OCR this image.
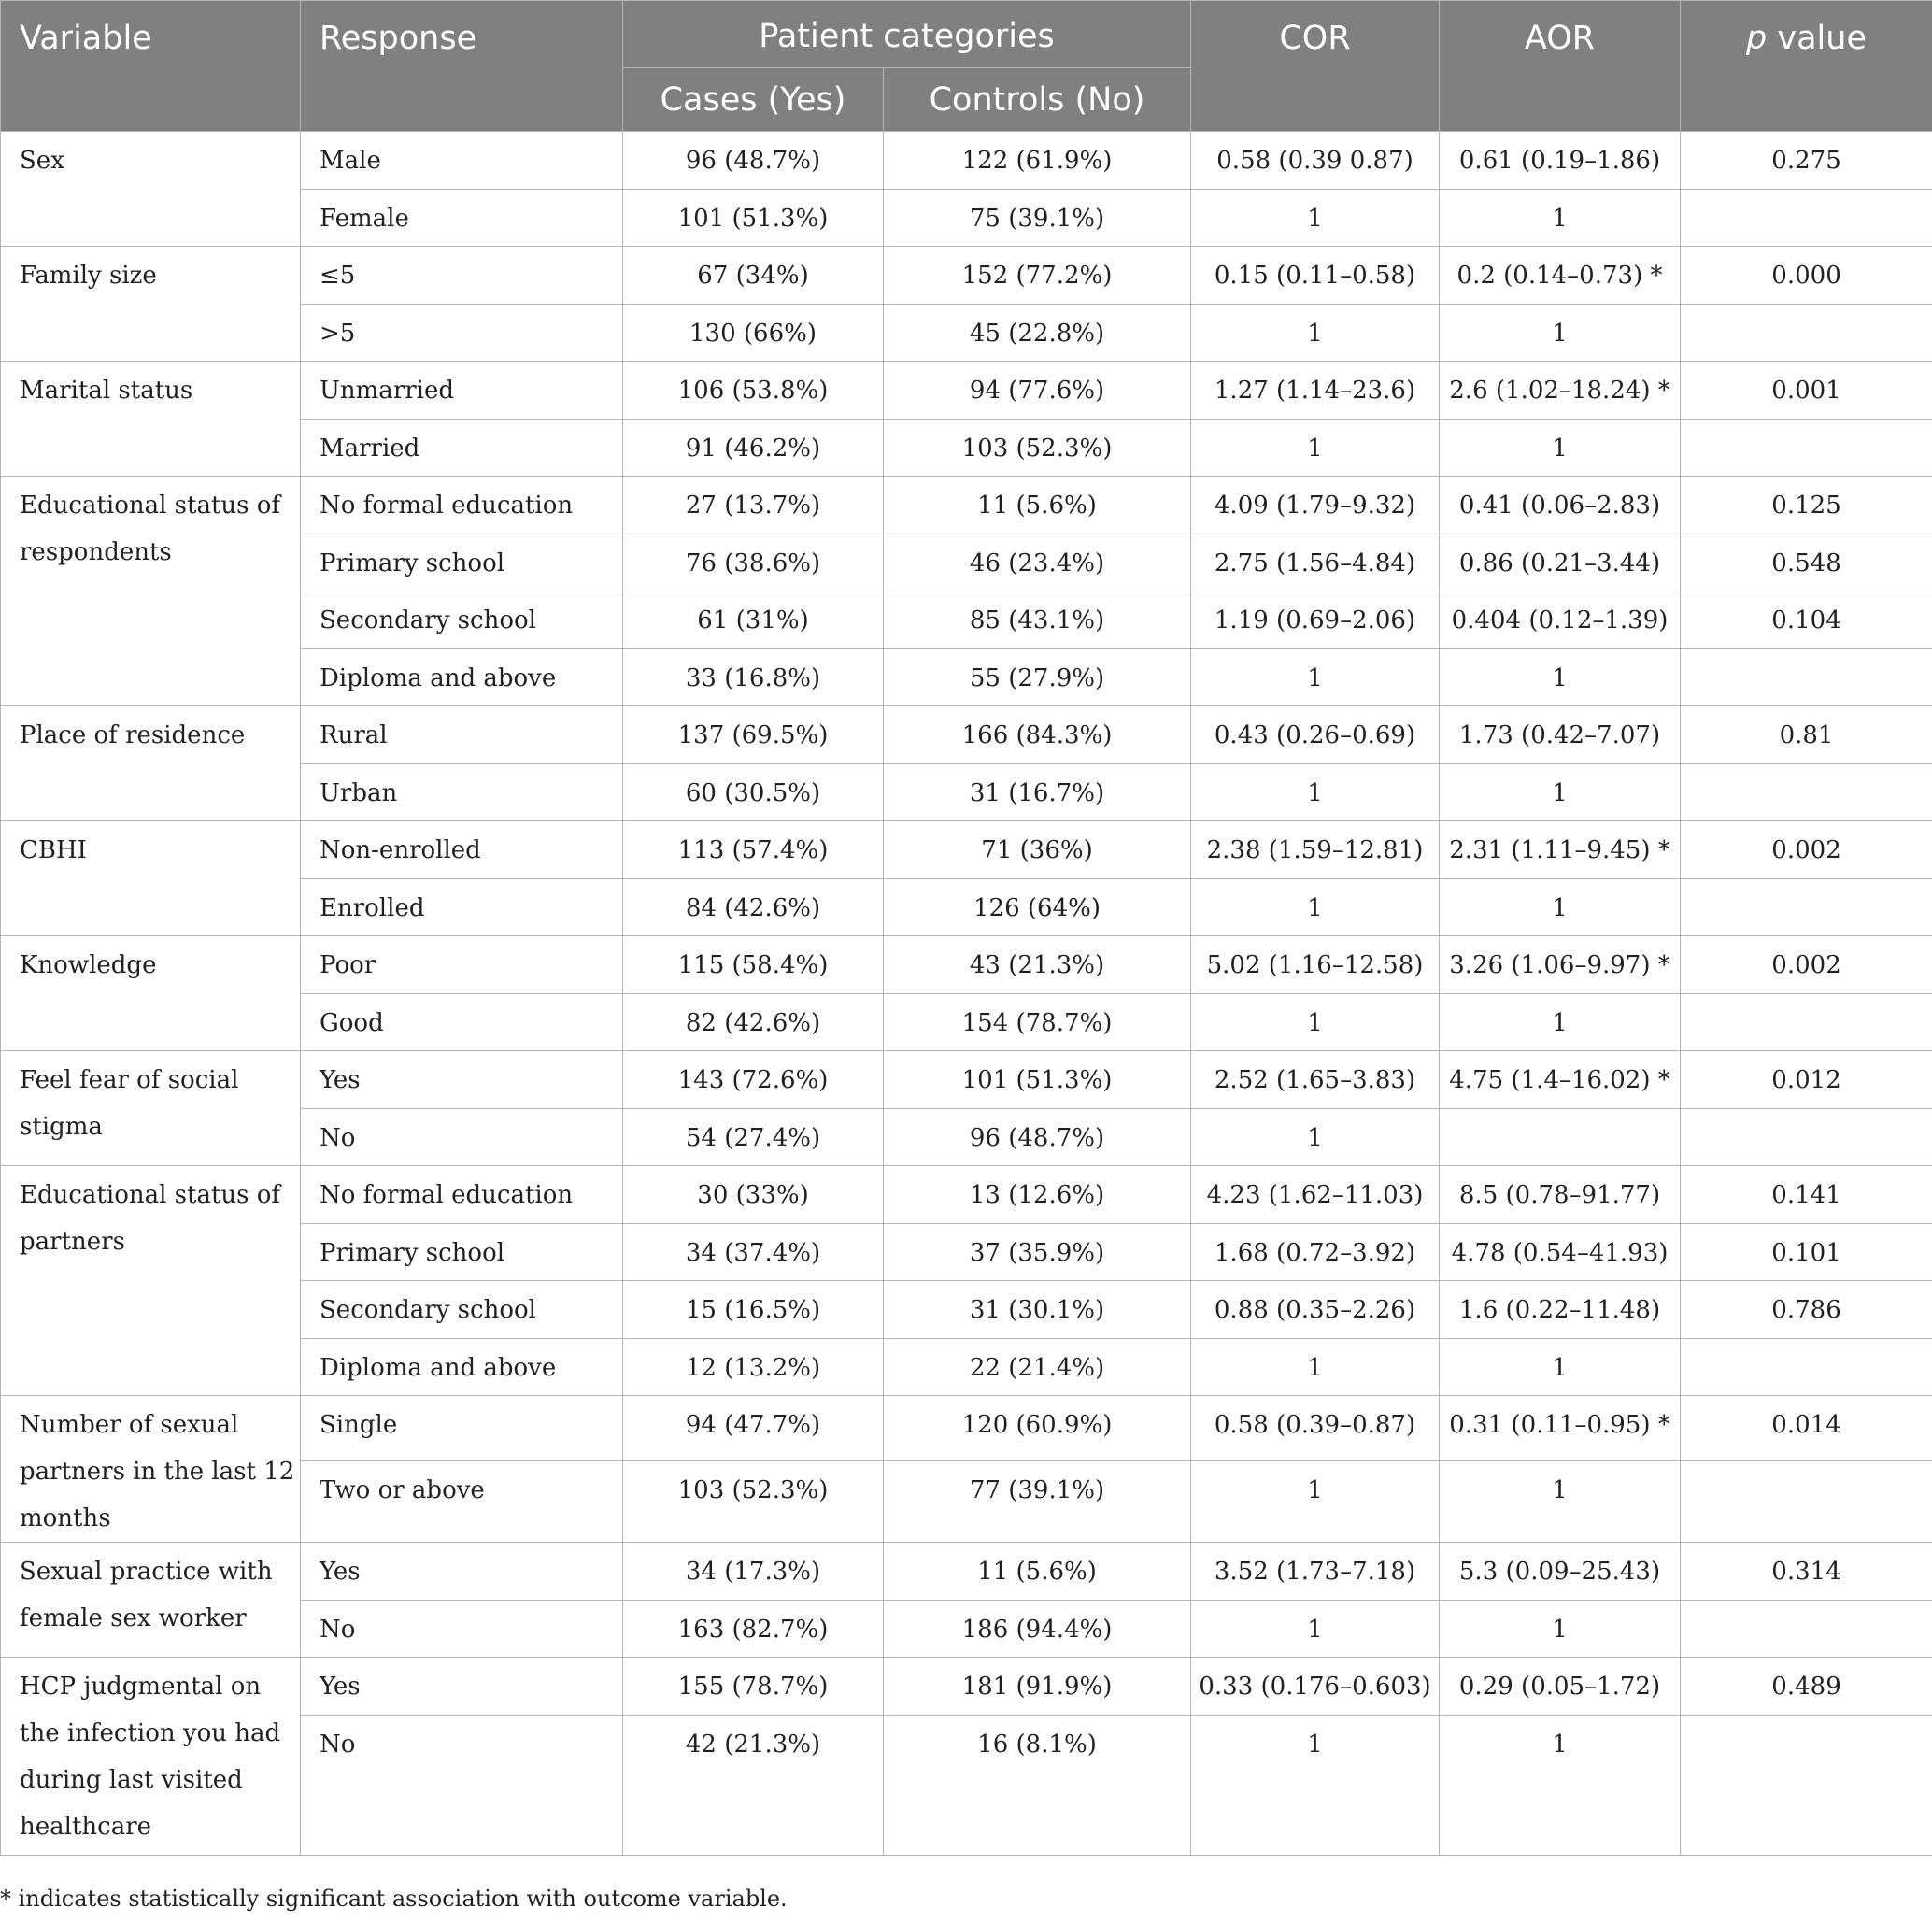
Variable	Response	Patient categories		COR	AOR	p value
		Cases (Yes)	Controls (No)			
Sex	Male	96 (48.7%)	122 (61.9%)	0.58 (0.39 0.87)	0.61 (0.19–1.86)	0.275
	Female	101 (51.3%)	75 (39.1%)	1	1	
Family size	≤5	67 (34%)	152 (77.2%)	0.15 (0.11–0.58)	0.2 (0.14–0.73) *	0.000
	>5	130 (66%)	45 (22.8%)	1	1	
Marital status	Unmarried	106 (53.8%)	94 (77.6%)	1.27 (1.14–23.6)	2.6 (1.02–18.24) *	0.001
	Married	91 (46.2%)	103 (52.3%)	1	1	
Educational status of respondents	No formal education	27 (13.7%)	11 (5.6%)	4.09 (1.79–9.32)	0.41 (0.06–2.83)	0.125
	Primary school	76 (38.6%)	46 (23.4%)	2.75 (1.56–4.84)	0.86 (0.21–3.44)	0.548
	Secondary school	61 (31%)	85 (43.1%)	1.19 (0.69–2.06)	0.404 (0.12–1.39)	0.104
	Diploma and above	33 (16.8%)	55 (27.9%)	1	1	
Place of residence	Rural	137 (69.5%)	166 (84.3%)	0.43 (0.26–0.69)	1.73 (0.42–7.07)	0.81
	Urban	60 (30.5%)	31 (16.7%)	1	1	
CBHI	Non-enrolled	113 (57.4%)	71 (36%)	2.38 (1.59–12.81)	2.31 (1.11–9.45) *	0.002
	Enrolled	84 (42.6%)	126 (64%)	1	1	
Knowledge	Poor	115 (58.4%)	43 (21.3%)	5.02 (1.16–12.58)	3.26 (1.06–9.97) *	0.002
	Good	82 (42.6%)	154 (78.7%)	1	1	
Feel fear of social stigma	Yes	143 (72.6%)	101 (51.3%)	2.52 (1.65–3.83)	4.75 (1.4–16.02) *	0.012
	No	54 (27.4%)	96 (48.7%)	1		
Educational status of partners	No formal education	30 (33%)	13 (12.6%)	4.23 (1.62–11.03)	8.5 (0.78–91.77)	0.141
	Primary school	34 (37.4%)	37 (35.9%)	1.68 (0.72–3.92)	4.78 (0.54–41.93)	0.101
	Secondary school	15 (16.5%)	31 (30.1%)	0.88 (0.35–2.26)	1.6 (0.22–11.48)	0.786
	Diploma and above	12 (13.2%)	22 (21.4%)	1	1	
Number of sexual partners in the last 12 months	Single	94 (47.7%)	120 (60.9%)	0.58 (0.39–0.87)	0.31 (0.11–0.95) *	0.014
	Two or above	103 (52.3%)	77 (39.1%)	1	1	
Sexual practice with female sex worker	Yes	34 (17.3%)	11 (5.6%)	3.52 (1.73–7.18)	5.3 (0.09–25.43)	0.314
	No	163 (82.7%)	186 (94.4%)	1	1	
HCP judgmental on the infection you had during last visited healthcare	Yes	155 (78.7%)	181 (91.9%)	0.33 (0.176–0.603)	0.29 (0.05–1.72)	0.489
	No	42 (21.3%)	16 (8.1%)	1	1	
* indicates statistically significant association with outcome variable.
